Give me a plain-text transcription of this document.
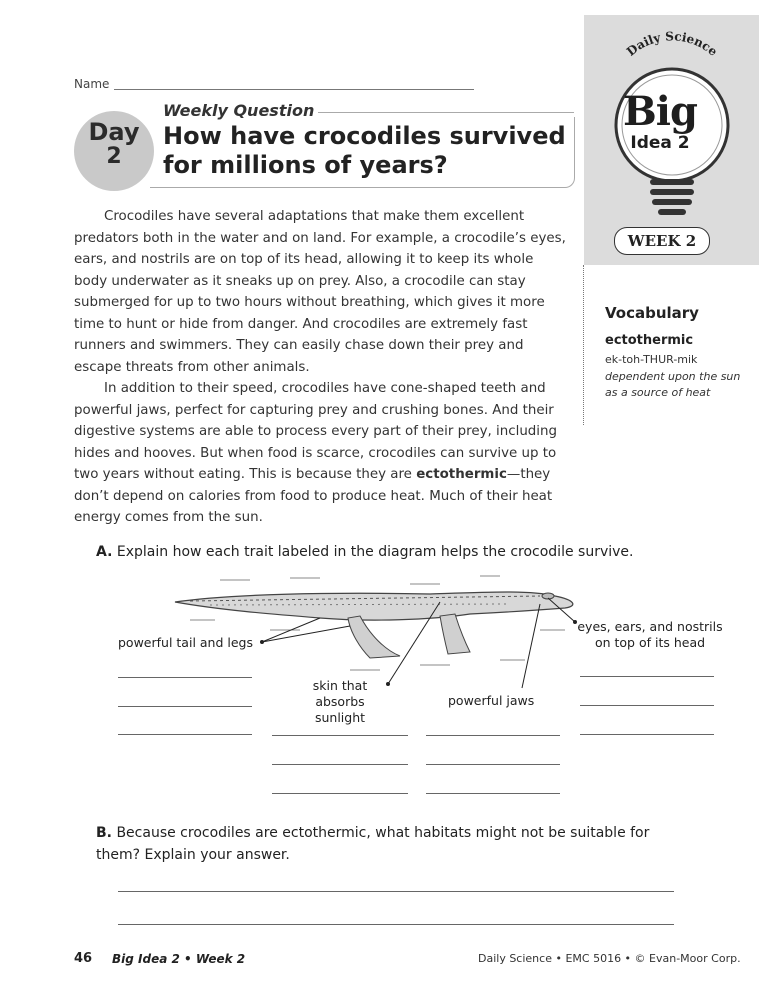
Name
Day
2
Weekly Question
How have crocodiles survived for millions of years?
Daily Science
Big
Idea 2
WEEK 2
Vocabulary
ectothermic
ek-toh-THUR-mik
dependent upon the sun as a source of heat

Crocodiles have several adaptations that make them excellent predators both in the water and on land. For example, a crocodile’s eyes, ears, and nostrils are on top of its head, allowing it to keep its whole body underwater as it sneaks up on prey. Also, a crocodile can stay submerged for up to two hours without breathing, which gives it more time to hunt or hide from danger. And crocodiles are extremely fast runners and swimmers. They can easily chase down their prey and escape threats from other animals.

In addition to their speed, crocodiles have cone-shaped teeth and powerful jaws, perfect for capturing prey and crushing bones. And their digestive systems are able to process every part of their prey, including hides and hooves. But when food is scarce, crocodiles can survive up to two years without eating. This is because they are ectothermic—they don’t depend on calories from food to produce heat. Much of their heat energy comes from the sun.

A. Explain how each trait labeled in the diagram helps the crocodile survive.
powerful tail and legs
eyes, ears, and nostrils
on top of its head
skin that
absorbs sunlight
powerful jaws
B. Because crocodiles are ectothermic, what habitats might not be suitable for them? Explain your answer.
46 Big Idea 2 • Week 2	Daily Science • EMC 5016 • © Evan-Moor Corp.
